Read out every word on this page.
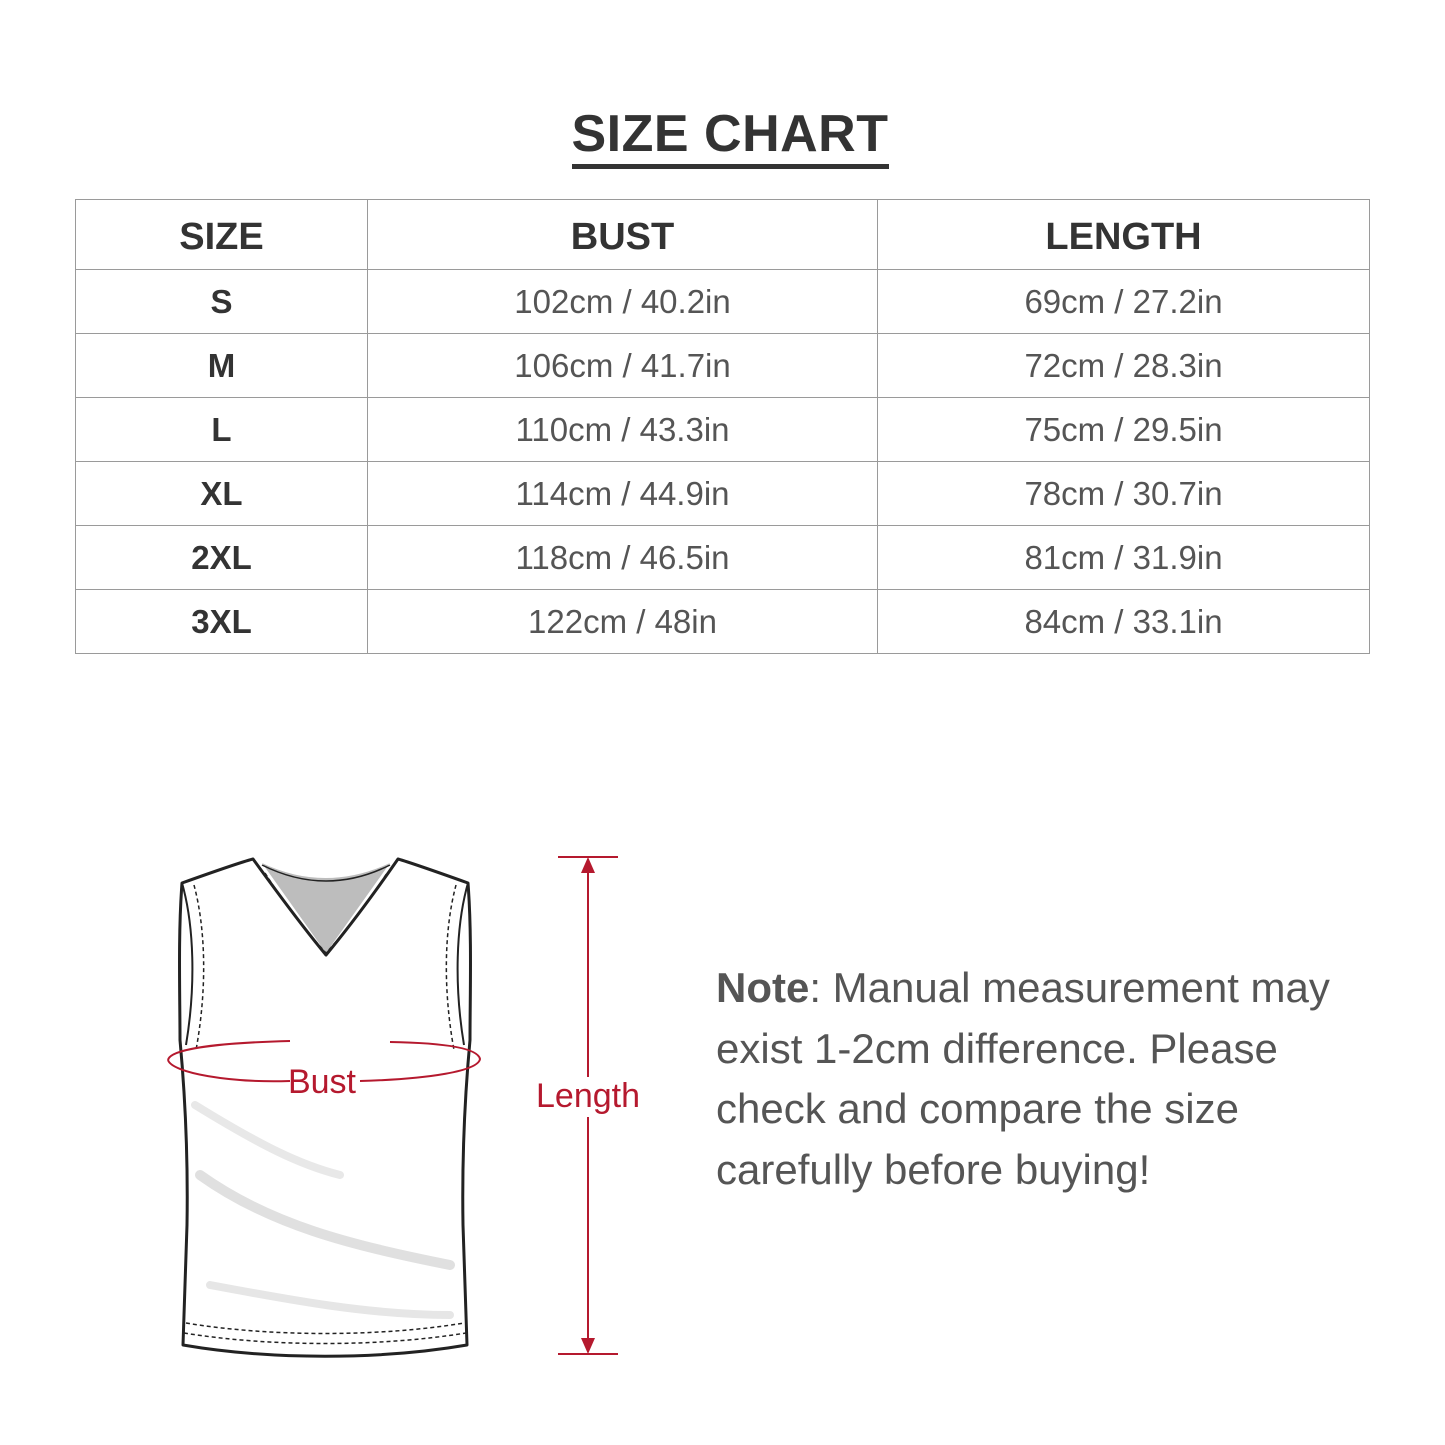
SIZE CHART
SIZE	BUST	LENGTH
S	102cm / 40.2in	69cm / 27.2in
M	106cm / 41.7in	72cm / 28.3in
L	110cm / 43.3in	75cm / 29.5in
XL	114cm / 44.9in	78cm / 30.7in
2XL	118cm / 46.5in	81cm / 31.9in
3XL	122cm / 48in	84cm / 33.1in
Bust	Length
Note: Manual measurement may exist 1-2cm difference. Please check and compare the size carefully before buying!
